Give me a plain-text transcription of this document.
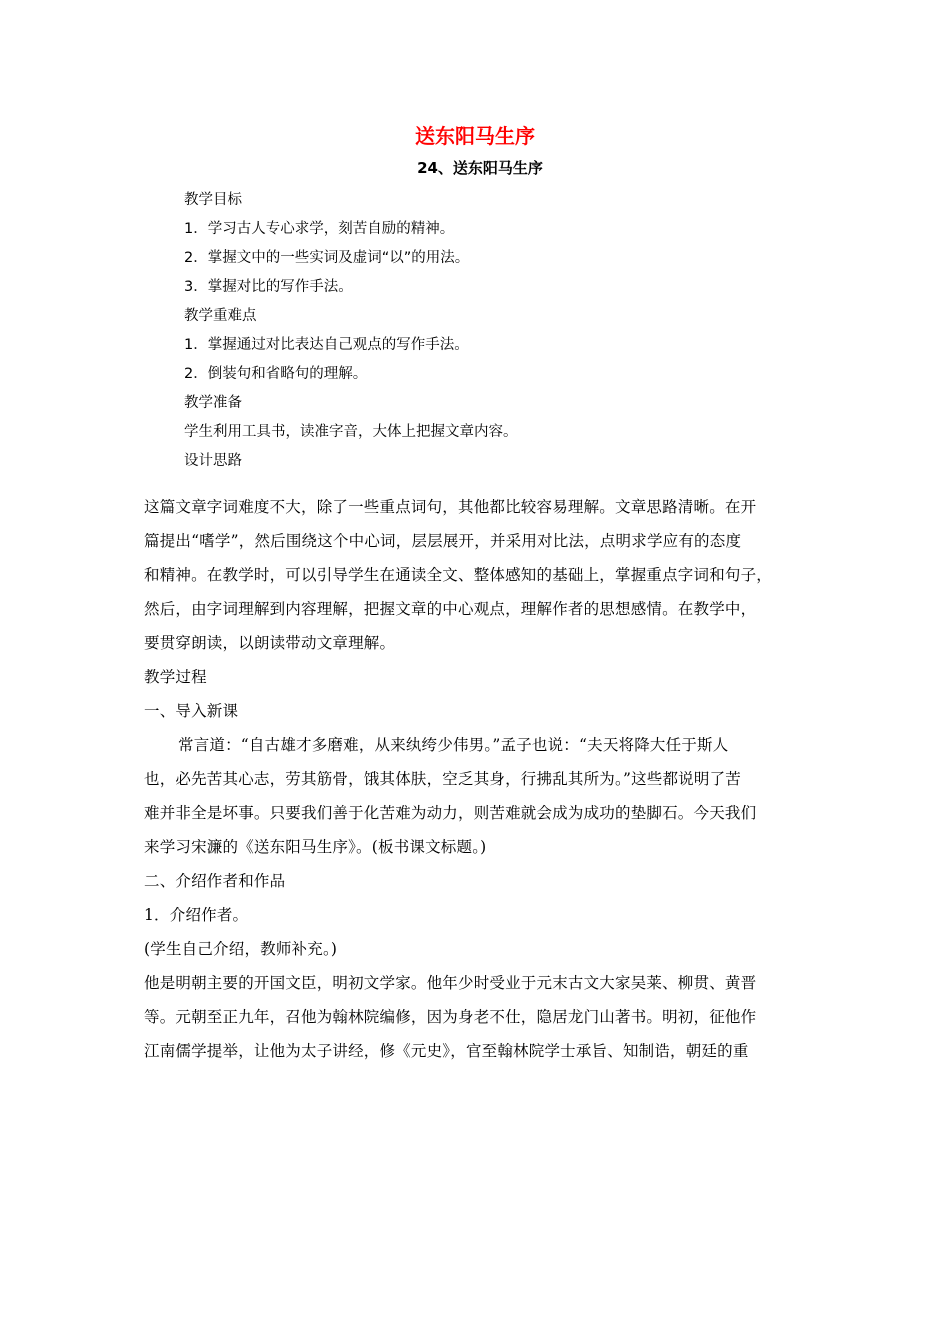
送东阳马生序
24、送东阳马生序
教学目标
1．学习古人专心求学，刻苦自励的精神。
2．掌握文中的一些实词及虚词“以”的用法。
3．掌握对比的写作手法。
教学重难点
1．掌握通过对比表达自己观点的写作手法。
2．倒装句和省略句的理解。
教学准备
学生利用工具书，读准字音，大体上把握文章内容。
设计思路
这篇文章字词难度不大，除了一些重点词句，其他都比较容易理解。文章思路清晰。在开
篇提出“嗜学”，然后围绕这个中心词，层层展开，并采用对比法，点明求学应有的态度
和精神。在教学时，可以引导学生在通读全文、整体感知的基础上，掌握重点字词和句子，
然后，由字词理解到内容理解，把握文章的中心观点，理解作者的思想感情。在教学中，
要贯穿朗读，以朗读带动文章理解。
教学过程
一、导入新课
常言道：“自古雄才多磨难，从来纨绔少伟男。”孟子也说：“夫天将降大任于斯人
也，必先苦其心志，劳其筋骨，饿其体肤，空乏其身，行拂乱其所为。”这些都说明了苦
难并非全是坏事。只要我们善于化苦难为动力，则苦难就会成为成功的垫脚石。今天我们
来学习宋濂的《送东阳马生序》。(板书课文标题。)
二、介绍作者和作品
1．介绍作者。
(学生自己介绍，教师补充。)
他是明朝主要的开国文臣，明初文学家。他年少时受业于元末古文大家吴莱、柳贯、黄晋
等。元朝至正九年，召他为翰林院编修，因为身老不仕，隐居龙门山著书。明初，征他作
江南儒学提举，让他为太子讲经，修《元史》，官至翰林院学士承旨、知制诰，朝廷的重
